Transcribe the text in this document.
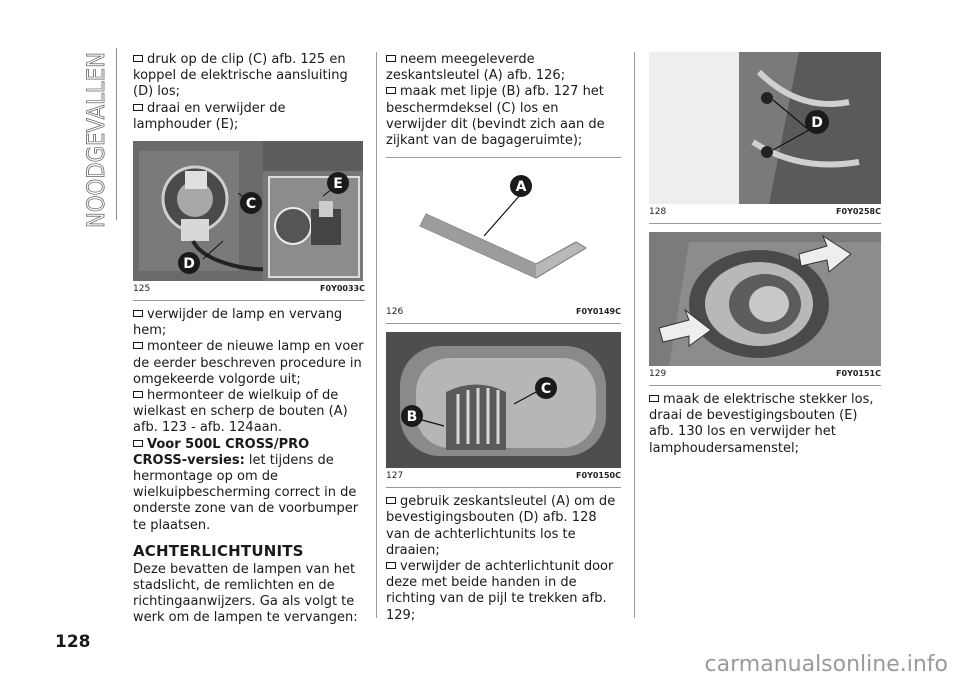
NOODGEVALLEN
128

druk op de clip (C) afb. 125 en koppel de elektrische aansluiting (D) los;

draai en verwijder de lamphouder (E);

C
E
D
125	F0Y0033C

verwijder de lamp en vervang hem;

monteer de nieuwe lamp en voer de eerder beschreven procedure in omgekeerde volgorde uit;

hermonteer de wielkuip of de wielkast en scherp de bouten (A) afb. 123 - afb. 124aan.

Voor 500L CROSS/PRO CROSS-versies: let tijdens de hermontage op om de wielkuipbescherming correct in de onderste zone van de voorbumper te plaatsen.

ACHTERLICHTUNITS

Deze bevatten de lampen van het stadslicht, de remlichten en de richtingaanwijzers. Ga als volgt te werk om de lampen te vervangen:

neem meegeleverde zeskantsleutel (A) afb. 126;

maak met lipje (B) afb. 127 het beschermdeksel (C) los en verwijder dit (bevindt zich aan de zijkant van de bagageruimte);

A
126	F0Y0149C
C
B
127	F0Y0150C

gebruik zeskantsleutel (A) om de bevestigingsbouten (D) afb. 128 van de achterlichtunits los te draaien;

verwijder de achterlichtunit door deze met beide handen in de richting van de pijl te trekken afb. 129;

D
128	F0Y0258C
129	F0Y0151C

maak de elektrische stekker los, draai de bevestigingsbouten (E) afb. 130 los en verwijder het lamphoudersamenstel;

carmanualsonline.info
